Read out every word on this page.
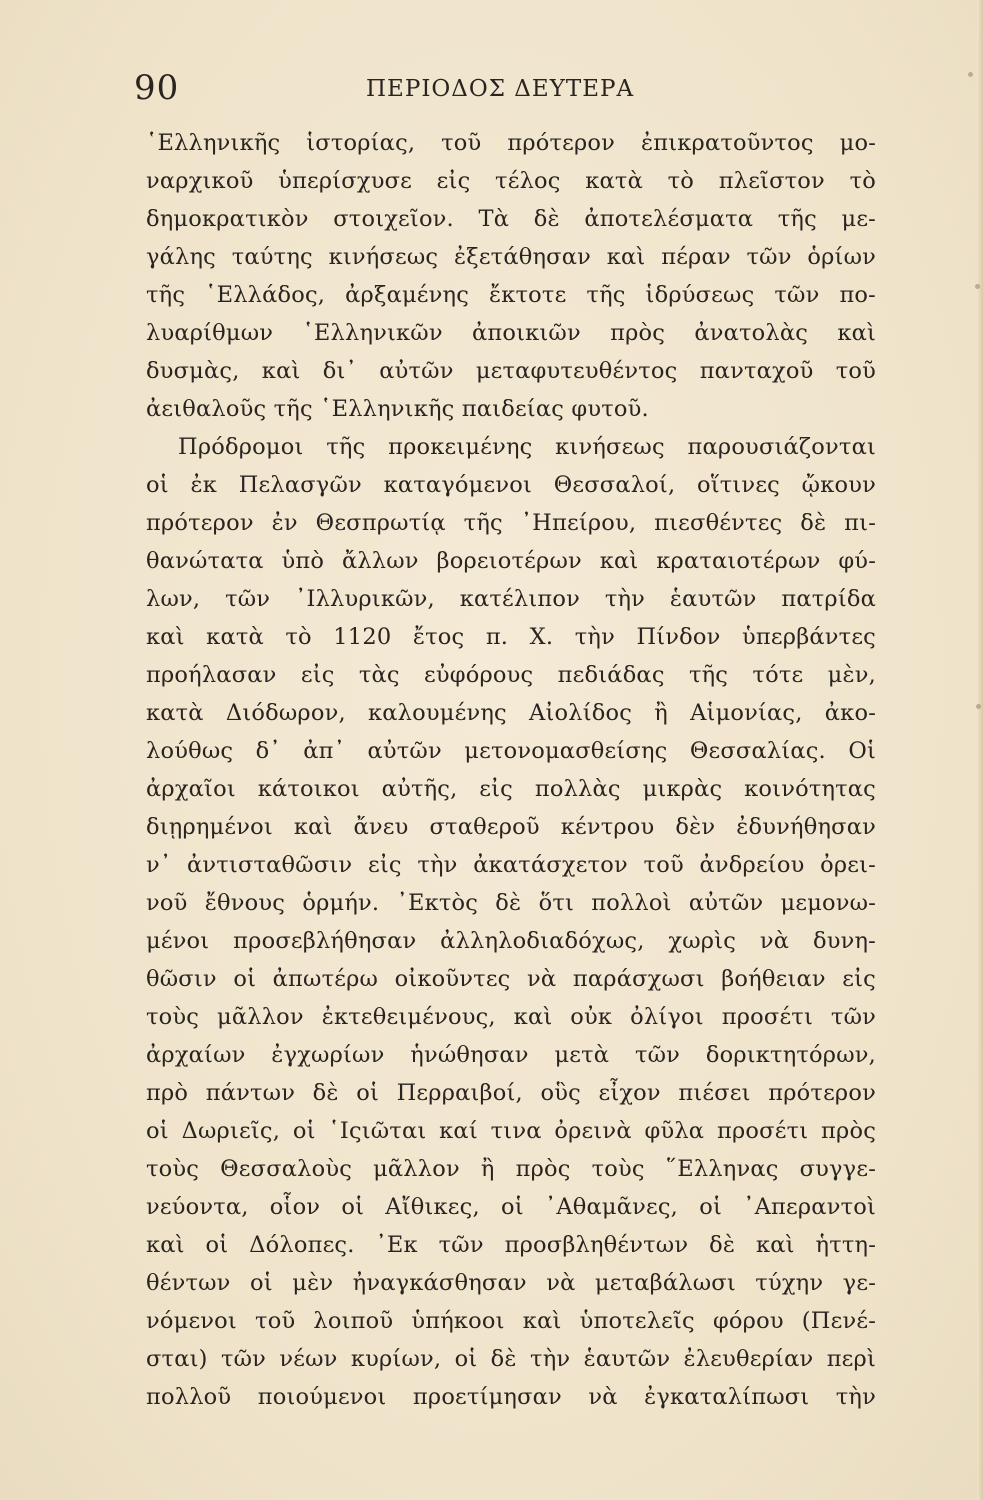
90	ΠΕΡΙΟΔΟΣ ΔΕΥΤΕΡΑ
῾Ελληνικῆς ἱστορίας, τοῦ πρότερον ἐπικρατοῦντος μο-
ναρχικοῦ ὑπερίσχυσε εἰς τέλος κατὰ τὸ πλεῖστον τὸ
δημοκρατικὸν στοιχεῖον. Τὰ δὲ ἀποτελέσματα τῆς με-
γάλης ταύτης κινήσεως ἐξετάθησαν καὶ πέραν τῶν ὁρίων
τῆς ῾Ελλάδος, ἀρξαμένης ἔκτοτε τῆς ἱδρύσεως τῶν πο-
λυαρίθμων ῾Ελληνικῶν ἀποικιῶν πρὸς ἀνατολὰς καὶ
δυσμὰς, καὶ δι᾿ αὐτῶν μεταφυτευθέντος πανταχοῦ τοῦ
ἀειθαλοῦς τῆς ῾Ελληνικῆς παιδείας φυτοῦ.
Πρόδρομοι τῆς προκειμένης κινήσεως παρουσιάζονται
οἱ ἐκ Πελασγῶν καταγόμενοι Θεσσαλοί, οἵτινες ᾤκουν
πρότερον ἐν Θεσπρωτίᾳ τῆς ᾿Ηπείρου, πιεσθέντες δὲ πι-
θανώτατα ὑπὸ ἄλλων βορειοτέρων καὶ κραταιοτέρων φύ-
λων, τῶν ᾿Ιλλυρικῶν, κατέλιπον τὴν ἑαυτῶν πατρίδα
καὶ κατὰ τὸ 1120 ἔτος π. Χ. τὴν Πίνδον ὑπερβάντες
προήλασαν εἰς τὰς εὐφόρους πεδιάδας τῆς τότε μὲν,
κατὰ Διόδωρον, καλουμένης Αἰολίδος ἢ Αἱμονίας, ἀκο-
λούθως δ᾿ ἀπ᾿ αὐτῶν μετονομασθείσης Θεσσαλίας. Οἱ
ἀρχαῖοι κάτοικοι αὐτῆς, εἰς πολλὰς μικρὰς κοινότητας
διῃρημένοι καὶ ἄνευ σταθεροῦ κέντρου δὲν ἐδυνήθησαν
ν᾿ ἀντισταθῶσιν εἰς τὴν ἀκατάσχετον τοῦ ἀνδρείου ὀρει-
νοῦ ἔθνους ὁρμήν. ᾿Εκτὸς δὲ ὅτι πολλοὶ αὐτῶν μεμονω-
μένοι προσεβλήθησαν ἀλληλοδιαδόχως, χωρὶς νὰ δυνη-
θῶσιν οἱ ἀπωτέρω οἰκοῦντες νὰ παράσχωσι βοήθειαν εἰς
τοὺς μᾶλλον ἐκτεθειμένους, καὶ οὐκ ὀλίγοι προσέτι τῶν
ἀρχαίων ἐγχωρίων ἡνώθησαν μετὰ τῶν δορικτητόρων,
πρὸ πάντων δὲ οἱ Περραιβοί, οὓς εἶχον πιέσει πρότερον
οἱ Δωριεῖς, οἱ ῾Ιςιῶται καί τινα ὀρεινὰ φῦλα προσέτι πρὸς
τοὺς Θεσσαλοὺς μᾶλλον ἢ πρὸς τοὺς ῞Ελληνας συγγε-
νεύοντα, οἷον οἱ Αἴθικες, οἱ ᾿Αθαμᾶνες, οἱ ᾿Απεραντοὶ
καὶ οἱ Δόλοπες. ᾿Εκ τῶν προσβληθέντων δὲ καὶ ἡττη-
θέντων οἱ μὲν ἠναγκάσθησαν νὰ μεταβάλωσι τύχην γε-
νόμενοι τοῦ λοιποῦ ὑπήκοοι καὶ ὑποτελεῖς φόρου (Πενέ-
σται) τῶν νέων κυρίων, οἱ δὲ τὴν ἑαυτῶν ἐλευθερίαν περὶ
πολλοῦ ποιούμενοι προετίμησαν νὰ ἐγκαταλίπωσι τὴν
